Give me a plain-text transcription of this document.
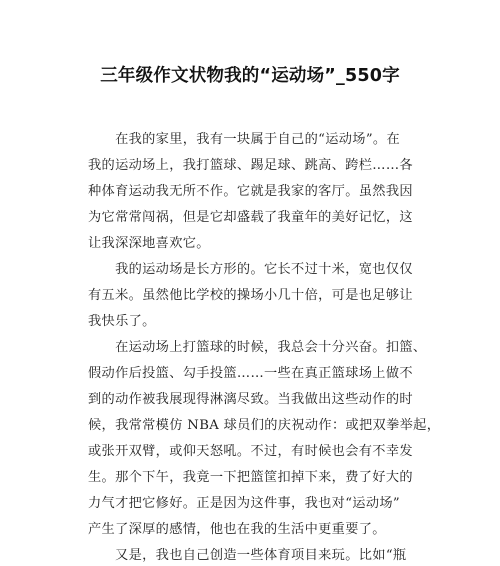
三年级作文状物我的“运动场”_550字
　　在我的家里，我有一块属于自己的“运动场”。在
我的运动场上，我打篮球、踢足球、跳高、跨栏……各
种体育运动我无所不作。它就是我家的客厅。虽然我因
为它常常闯祸，但是它却盛载了我童年的美好记忆，这
让我深深地喜欢它。
　　我的运动场是长方形的。它长不过十米，宽也仅仅
有五米。虽然他比学校的操场小几十倍，可是也足够让
我快乐了。
　　在运动场上打篮球的时候，我总会十分兴奋。扣篮、
假动作后投篮、勾手投篮……一些在真正篮球场上做不
到的动作被我展现得淋漓尽致。当我做出这些动作的时
候，我常常模仿 NBA 球员们的庆祝动作：或把双拳举起，
或张开双臂，或仰天怒吼。不过，有时候也会有不幸发
生。那个下午，我竟一下把篮筐扣掉下来，费了好大的
力气才把它修好。正是因为这件事，我也对“运动场”
产生了深厚的感情，他也在我的生活中更重要了。
　　又是，我也自己创造一些体育项目来玩。比如“瓶
